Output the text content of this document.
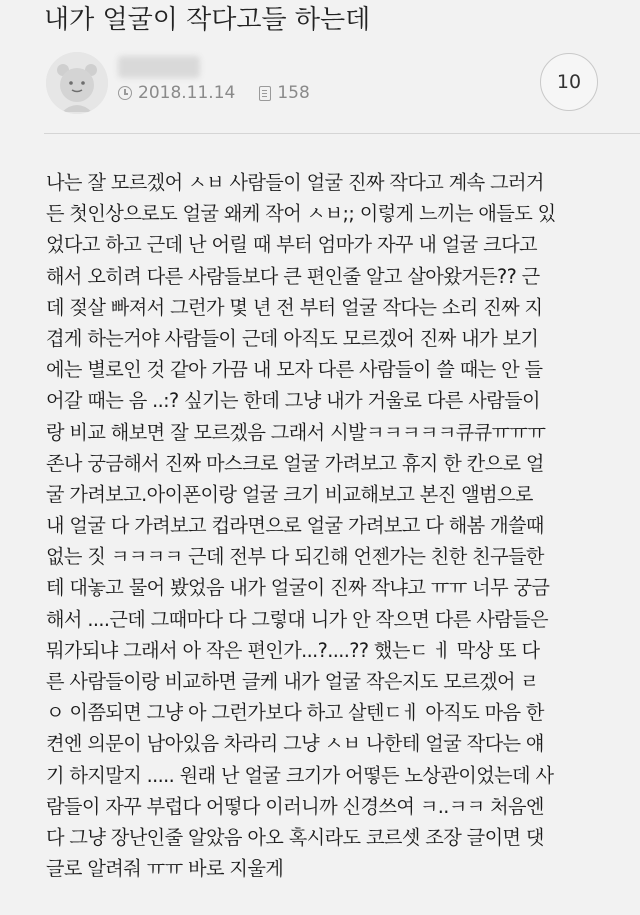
내가 얼굴이 작다고들 하는데
2018.11.14 158	10
나는 잘 모르겠어 ㅅㅂ 사람들이 얼굴 진짜 작다고 계속 그러거
든 첫인상으로도 얼굴 왜케 작어 ㅅㅂ;; 이렇게 느끼는 애들도 있
었다고 하고 근데 난 어릴 때 부터 엄마가 자꾸 내 얼굴 크다고
해서 오히려 다른 사람들보다 큰 편인줄 알고 살아왔거든?? 근
데 젖살 빠져서 그런가 몇 년 전 부터 얼굴 작다는 소리 진짜 지
겹게 하는거야 사람들이 근데 아직도 모르겠어 진짜 내가 보기
에는 별로인 것 같아 가끔 내 모자 다른 사람들이 쓸 때는 안 들
어갈 때는 음 ..:? 싶기는 한데 그냥 내가 거울로 다른 사람들이
랑 비교 해보면 잘 모르겠음 그래서 시발ㅋㅋㅋㅋㅋ큐큐ㅠㅠㅠ
존나 궁금해서 진짜 마스크로 얼굴 가려보고 휴지 한 칸으로 얼
굴 가려보고.아이폰이랑 얼굴 크기 비교해보고 본진 앨범으로
내 얼굴 다 가려보고 컵라면으로 얼굴 가려보고 다 해봄 개쓸때
없는 짓 ㅋㅋㅋㅋ 근데 전부 다 되긴해 언젠가는 친한 친구들한
테 대놓고 물어 봤었음 내가 얼굴이 진짜 작냐고 ㅠㅠ 너무 궁금
해서 ....근데 그때마다 다 그렇대 니가 안 작으면 다른 사람들은
뭐가되냐 그래서 아 작은 편인가...?....?? 했는ㄷ ㅔ 막상 또 다
른 사람들이랑 비교하면 글케 내가 얼굴 작은지도 모르겠어 ㄹ
ㅇ 이쯤되면 그냥 아 그런가보다 하고 살텐ㄷㅔ 아직도 마음 한
켠엔 의문이 남아있음 차라리 그냥 ㅅㅂ 나한테 얼굴 작다는 얘
기 하지말지 ..... 원래 난 얼굴 크기가 어떻든 노상관이었는데 사
람들이 자꾸 부럽다 어떻다 이러니까 신경쓰여 ㅋ..ㅋㅋ 처음엔
다 그냥 장난인줄 알았음 아오 혹시라도 코르셋 조장 글이면 댓
글로 알려줘 ㅠㅠ 바로 지울게
